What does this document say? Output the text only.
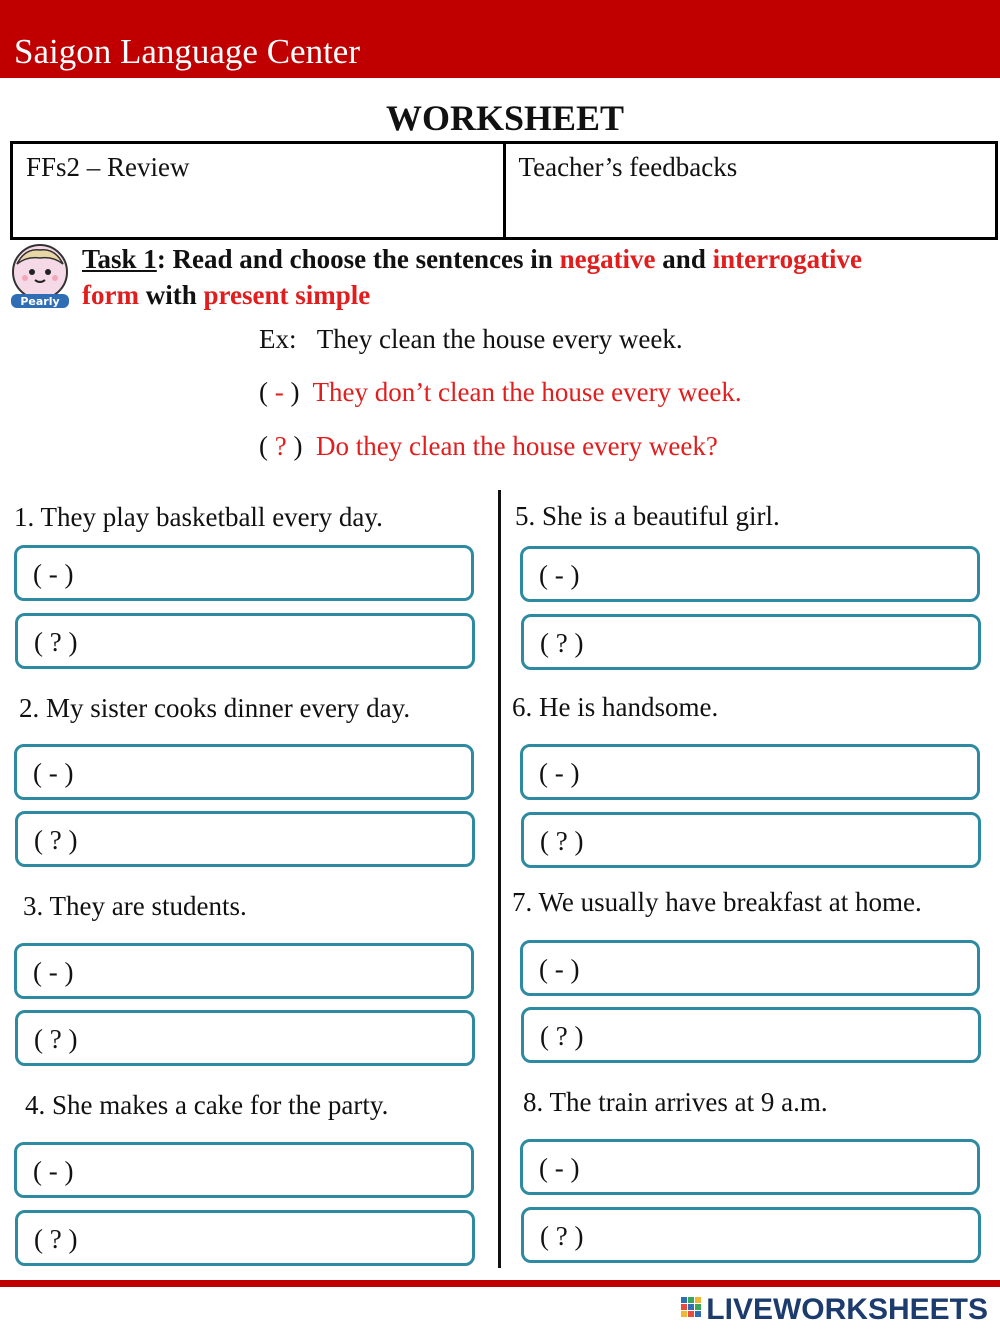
Saigon Language Center
WORKSHEET
FFs2 – Review	Teacher’s feedbacks
Pearly
Task 1: Read and choose the sentences in negative and interrogative
form with present simple
Ex: They clean the house every week.
( - ) They don’t clean the house every week.
( ? ) Do they clean the house every week?
1. They play basketball every day.
( - )
( ? )
2. My sister cooks dinner every day.
( - )
( ? )
3. They are students.
( - )
( ? )
4. She makes a cake for the party.
( - )
( ? )
5. She is a beautiful girl.
( - )
( ? )
6. He is handsome.
( - )
( ? )
7. We usually have breakfast at home.
( - )
( ? )
8. The train arrives at 9 a.m.
( - )
( ? )
LIVEWORKSHEETS
